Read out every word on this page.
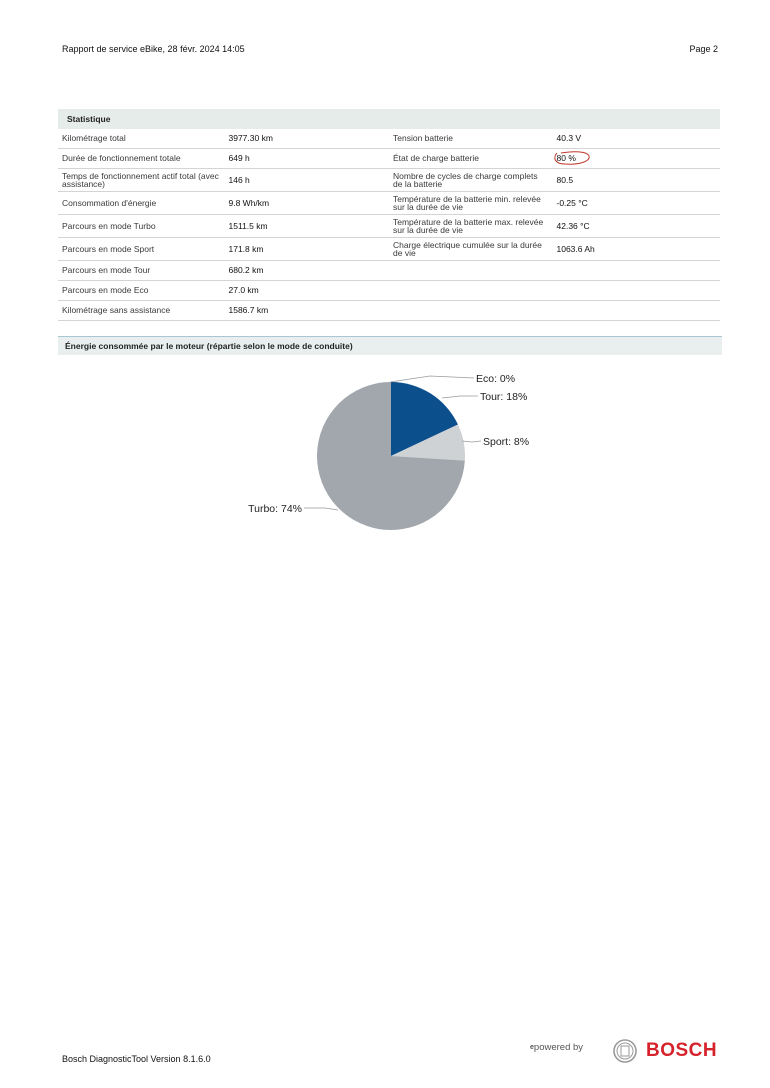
Rapport de service eBike, 28 févr. 2024 14:05	Page 2
Statistique
Kilométrage total	3977.30 km	Tension batterie	40.3 V
Durée de fonctionnement totale	649 h	État de charge batterie	80 %
Temps de fonctionnement actif total (avec assistance)	146 h	Nombre de cycles de charge complets de la batterie	80.5
Consommation d'énergie	9.8 Wh/km	Température de la batterie min. relevée sur la durée de vie	-0.25 °C
Parcours en mode Turbo	1511.5 km	Température de la batterie max. relevée sur la durée de vie	42.36 °C
Parcours en mode Sport	171.8 km	Charge électrique cumulée sur la durée de vie	1063.6 Ah
Parcours en mode Tour	680.2 km
Parcours en mode Eco	27.0 km
Kilométrage sans assistance	1586.7 km
Énergie consommée par le moteur (répartie selon le mode de conduite)
Eco: 0%
Tour: 18%
Sport: 8%
Turbo: 74%
Bosch DiagnosticTool Version 8.1.6.0
epowered by	BOSCH
